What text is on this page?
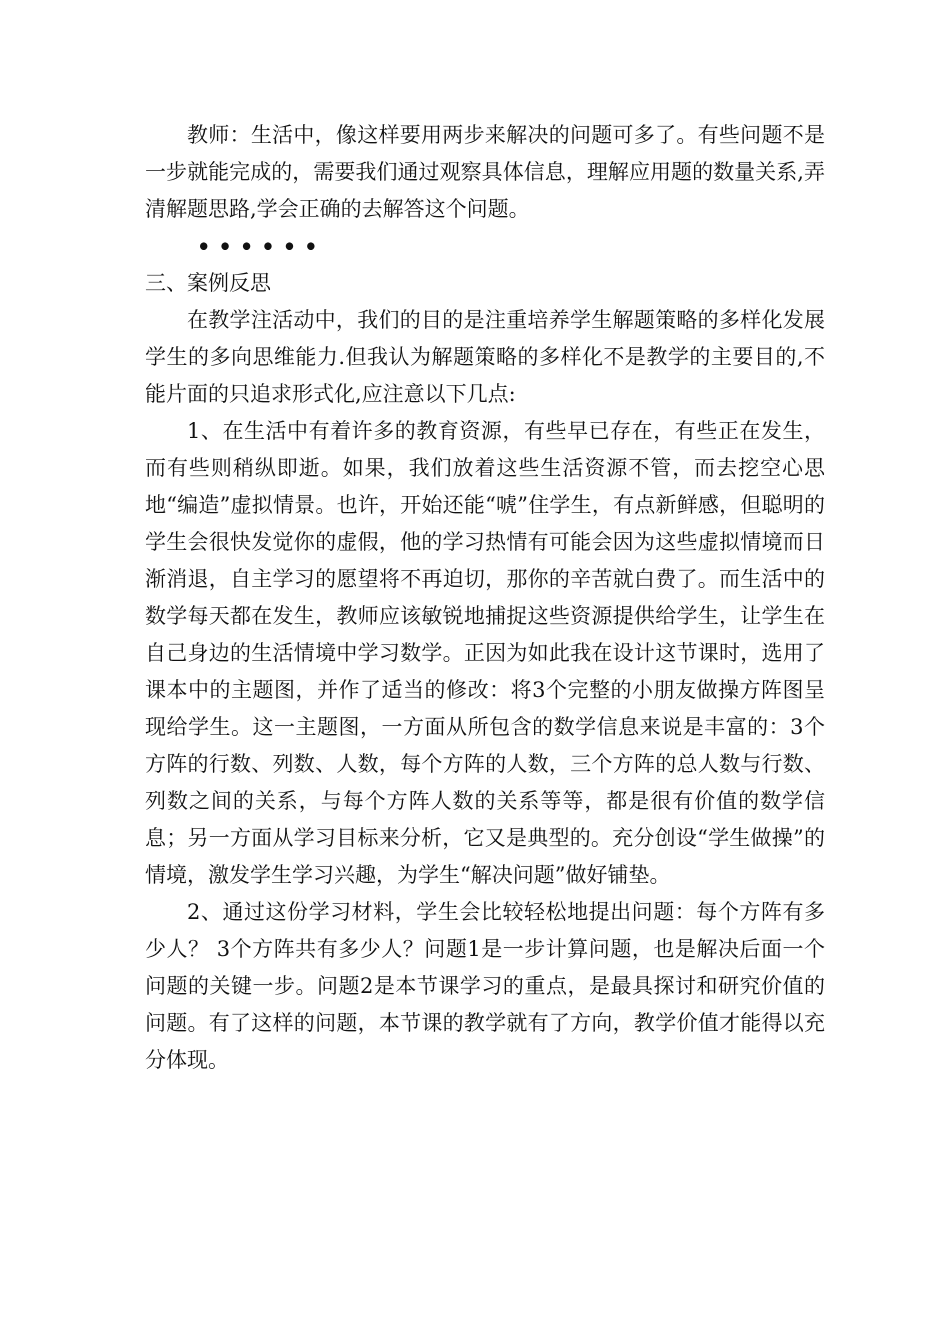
教师：生活中，像这样要用两步来解决的问题可多了。有些问题不是一步就能完成的，需要我们通过观察具体信息，理解应用题的数量关系,弄清解题思路,学会正确的去解答这个问题。

••••••

三、案例反思

在教学注活动中，我们的目的是注重培养学生解题策略的多样化发展学生的多向思维能力.但我认为解题策略的多样化不是教学的主要目的,不能片面的只追求形式化,应注意以下几点:

1、在生活中有着许多的教育资源，有些早已存在，有些正在发生，而有些则稍纵即逝。如果，我们放着这些生活资源不管，而去挖空心思地“编造”虚拟情景。也许，开始还能“唬”住学生，有点新鲜感，但聪明的学生会很快发觉你的虚假，他的学习热情有可能会因为这些虚拟情境而日渐消退，自主学习的愿望将不再迫切，那你的辛苦就白费了。而生活中的数学每天都在发生，教师应该敏锐地捕捉这些资源提供给学生，让学生在自己身边的生活情境中学习数学。正因为如此我在设计这节课时，选用了课本中的主题图，并作了适当的修改：将3个完整的小朋友做操方阵图呈现给学生。这一主题图，一方面从所包含的数学信息来说是丰富的：3个方阵的行数、列数、人数，每个方阵的人数，三个方阵的总人数与行数、列数之间的关系，与每个方阵人数的关系等等，都是很有价值的数学信息；另一方面从学习目标来分析，它又是典型的。充分创设“学生做操”的情境，激发学生学习兴趣，为学生“解决问题”做好铺垫。

2、通过这份学习材料，学生会比较轻松地提出问题：每个方阵有多少人？ 3个方阵共有多少人？问题1是一步计算问题，也是解决后面一个问题的关键一步。问题2是本节课学习的重点，是最具探讨和研究价值的问题。有了这样的问题，本节课的教学就有了方向，教学价值才能得以充分体现。
